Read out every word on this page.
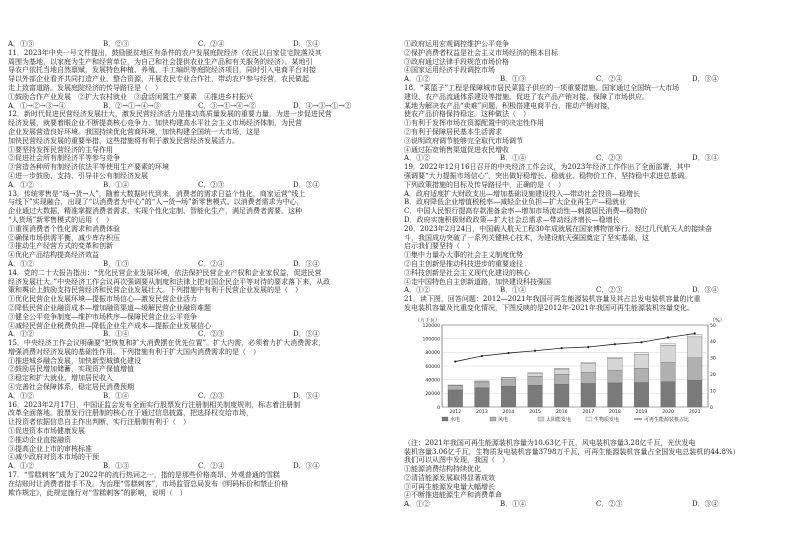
A．①③	B．②③	C．②④	D．③④

11．2023年中央一号文件提出，鼓励脱贫地区有条件的农户发展庭院经济（农民以自家住宅院落及其

周围为基地，以家庭为生产和经营单位，为自己和社会提供农业生产品和有关服务的经济）。某地引

导农户依托当地自然禀赋，发展特色种植、养殖、手工编织等庭院经济项目，同时引入电商平台对接

导以外部企业看齐共同打造产业，整合资源，开展农民专业合作社，带动农户参与经营，农民做起

走上致富道路。发展庭院经济的传导路径是（　）

①鼓励合作产业发展　②扩大农村就业　③盘活闲置生产要素　④推进乡村振兴

A．①→②→③→④	B．②→①→④→③	C．③→①→④→②	D．④→③→①→②

12．新时代促进民营经济发展壮大，激发民营经济活力是推动高质量发展的重要力量，为进一步促进民营

经济发展，就要着眼企业不断提高核心竞争力，加快构建高水平社会主义市场经济体制，为民营

企业发展营造良好环境。我国持续优化营商环境，加快构建全国统一大市场，这是

加快民营经济发展的重要举措，这些措施将有利于激发民营经济发展活力。

①要坚持发挥民营经济的主导作用

②促进社会所有制经济平等参与竞争

③营造各种所有制经济依法平等使用生产要素的环境

④进一步鼓励、支持、引导非公有制经济发展

A．①②	B．①④	C．②③	D．③④

13．传统零售是“场→货→人”，随着大数据时代到来，消费者的需求日益个性化，商家运营“线上

与线下”实现融合，出现了“以消费者为中心”的“人→货→场”新零售模式。以消费者需求为中心，

企业通过大数据，精准掌握消费者需求，实现个性化定制、智能化生产，满足消费者需要。这种

“人货场”新零售模式的运用（　）

①重视消费者个性化需求和消费体验

②确保市场供需平衡，减少库存积压

③推动生产经营方式的变革和创新

④优化产品结构提高经济效益

A．①②	B．①③	C．②④	D．③④

14．党的二十大报告指出：“优化民营企业发展环境，依法保护民营企业产权和企业家权益，促进民营

经济发展壮大。”中央经济工作会议再次强调要从制度和法律上把对国企民企平等对待的要求落下来，从政

策和舆论上鼓励支持民营经济和民营企业发展壮大。下列措施中有利于民营企业发展的是（　）

①优化民营企业发展环境—提振市场信心—激发民营企业活力

②降低民营企业融资成本—增加融资渠道—缓解民营企业融资难题

③健全公平竞争制度—维护市场秩序—保障民营企业公平竞争

④减轻民营企业税费负担—降低企业生产成本—提振企业发展信心

A．①②	B．①④	C．②③	D．③④

15．中央经济工作会议明确要“把恢复和扩大消费摆在优先位置”。扩大内需，必须着力扩大消费需求，

增强消费对经济发展的基础性作用。下列措施有利于扩大国内消费需求的是（　）

①推进城乡融合发展，加快新型城镇化建设

②鼓励居民增加储蓄，实现资产保值增值

③稳定和扩大就业，增加居民收入

④完善社会保障体系，稳定居民消费预期

A．①②	B．①④	C．②③	D．③④

16．2023年2月17日，中国证监会发布全面实行股票发行注册制相关制度规则，标志着注册制

改革全面落地。股票发行注册制的核心在于通过信息披露，把选择权交给市场，

让投资者依据信息自主作出判断，实行注册制有利于（　）

①促进资本市场健康发展

②推动企业直接融资

③提高企业上市的审核标准

④减少政府对资本市场的干预

A．①②	B．①③	C．②④	D．③④

17．“雪糕刺客”成为了2022年的流行热词之一，指的是那些价格高昂、外观普通的雪糕

在结账时让消费者措手不及。为治理“雪糕刺客”，市场监管总局发布《明码标价和禁止价格

欺诈规定》，此规定施行对“雪糕刺客”的影响，说明（　）

①政府运用宏观调控维护公平竞争

②保护消费者权益是社会主义市场经济的根本目标

③政府通过法律手段规范市场价格

④国家运用经济手段调控市场

A．①②	B．①③	C．②④	D．③④

18．“菜篮子”工程是保障城市居民菜篮子供应的一项重要措施，国家通过全国统一大市场

建设、农产品流通体系建设等措施，促进了农产品产销对接，保障了市场供应。

某地为解决农产品“卖难”问题，积极搭建电商平台，推动产销对接，

使农产品价格保持稳定。这种做法（　）

①有利于发挥市场在资源配置中的决定性作用

②有利于保障居民基本生活需求

③说明政府调节能够完全取代市场调节

④通过拓宽销售渠道促进农民增收

A．①②	B．①④	C．②③	D．③④

19．2022年12月16日召开的中央经济工作会议，为2023年经济工作作出了全面部署，其中

强调要“大力提振市场信心”，突出做好稳增长、稳就业、稳物价工作，坚持稳中求进总基调。

下列政策措施的目标及传导路径中，正确的是（　）

A．政府适度扩大财政支出—增加基础设施建设投入—带动社会投资—稳增长

B．政府降低企业增值税税率—减轻企业负担—扩大企业再生产—稳就业

C．中国人民银行提高存款准备金率—增加市场流动性—刺激居民消费—稳物价

D．政府实施积极财政政策—扩大社会总需求—带动经济增长—稳增长

20．2023年2月24日，中国载人航天工程30年成就展在国家博物馆举行。经过几代航天人的接续奋

斗，我国成功突破了一系列关键核心技术，为建设航天强国奠定了坚实基础，这

启示我们要坚持（　）

①集中力量办大事的社会主义制度优势

②自主创新是推动科技进步的重要途径

③科技创新是社会主义现代化建设的核心

④走中国特色自主创新道路，加快建设科技强国

A．①②	B．①④	C．②③	D．③④

21．读下图，回答问题：2012—2021年我国可再生能源装机容量及其占总发电装机容量的比重

发电装机容量及比重变化情况，下图反映的是2012年-2021年我国可再生能源装机容量变化。

（万千瓦）	（%）
0
20000
40000
60000
80000
100000
120000
0
10
20
30
40
50
2012	2013	2014	2015	2016	2017	2018	2019	2020	2021
水电	风电	太阳能发电	生物质发电	可再生能源装机占比

（注：2021年我国可再生能源装机容量为10.63亿千瓦，风电装机容量3.28亿千瓦，光伏发电

装机容量3.06亿千瓦，生物质发电装机容量3798万千瓦，可再生能源装机容量占全国发电总装机的44.8%）

我们可以从图中发现，我国（　）

①能源消费结构持续优化

②清洁能源发展取得显著成效

③可再生能源发电量大幅增长

④不断推进能源生产和消费革命

A．①②	B．①④	C．②③	D．③④
